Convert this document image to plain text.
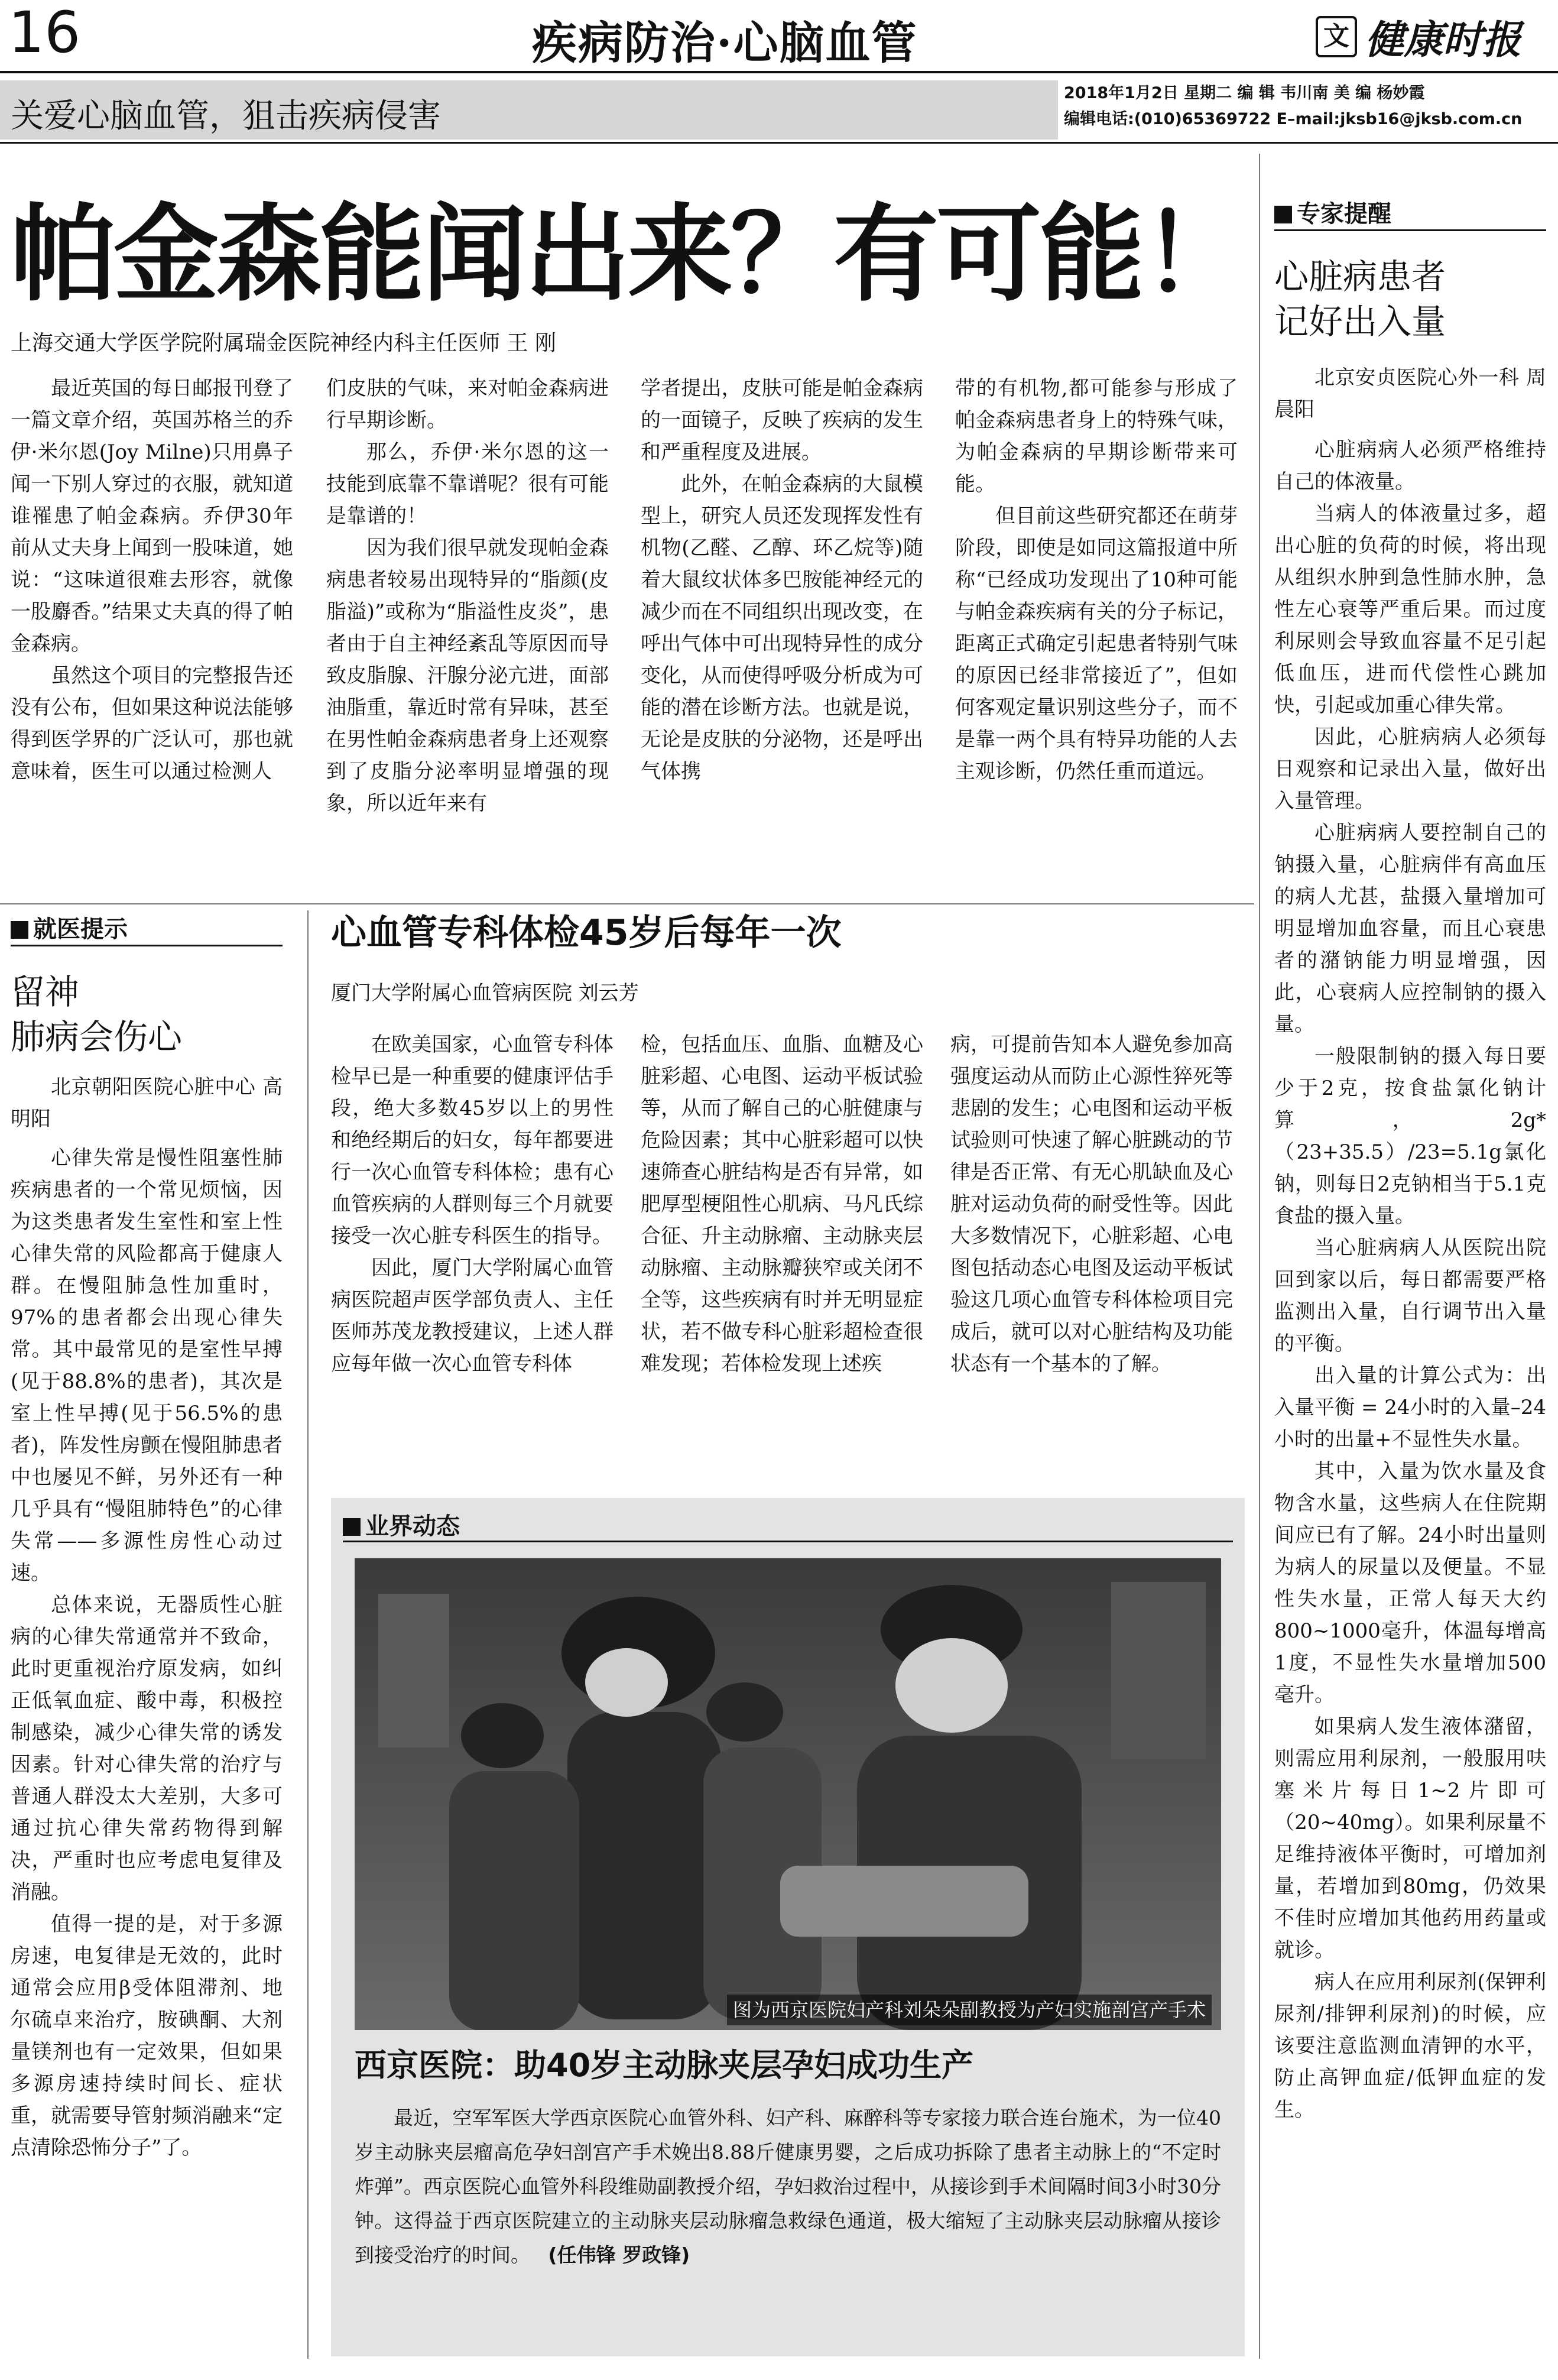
16	疾病防治·心脑血管	文 健康时报
关爱心脑血管，狙击疾病侵害
2018年1月2日 星期二 编 辑 韦川南 美 编 杨妙霞
编辑电话:(010)65369722 E–mail:jksb16@jksb.com.cn
帕金森能闻出来？有可能！
上海交通大学医学院附属瑞金医院神经内科主任医师 王 刚

最近英国的每日邮报刊登了一篇文章介绍，英国苏格兰的乔伊·米尔恩(Joy Milne)只用鼻子闻一下别人穿过的衣服，就知道谁罹患了帕金森病。乔伊30年前从丈夫身上闻到一股味道，她说：“这味道很难去形容，就像一股麝香。”结果丈夫真的得了帕金森病。

虽然这个项目的完整报告还没有公布，但如果这种说法能够得到医学界的广泛认可，那也就意味着，医生可以通过检测人

们皮肤的气味，来对帕金森病进行早期诊断。

那么，乔伊·米尔恩的这一技能到底靠不靠谱呢？很有可能是靠谱的！

因为我们很早就发现帕金森病患者较易出现特异的“脂颜(皮脂溢)”或称为“脂溢性皮炎”，患者由于自主神经紊乱等原因而导致皮脂腺、汗腺分泌亢进，面部油脂重，靠近时常有异味，甚至在男性帕金森病患者身上还观察到了皮脂分泌率明显增强的现象，所以近年来有

学者提出，皮肤可能是帕金森病的一面镜子，反映了疾病的发生和严重程度及进展。

此外，在帕金森病的大鼠模型上，研究人员还发现挥发性有机物(乙醛、乙醇、环乙烷等)随着大鼠纹状体多巴胺能神经元的减少而在不同组织出现改变，在呼出气体中可出现特异性的成分变化，从而使得呼吸分析成为可能的潜在诊断方法。也就是说，无论是皮肤的分泌物，还是呼出气体携

带的有机物,都可能参与形成了帕金森病患者身上的特殊气味，为帕金森病的早期诊断带来可能。

但目前这些研究都还在萌芽阶段，即使是如同这篇报道中所称“已经成功发现出了10种可能与帕金森疾病有关的分子标记，距离正式确定引起患者特别气味的原因已经非常接近了”，但如何客观定量识别这些分子，而不是靠一两个具有特异功能的人去主观诊断，仍然任重而道远。

专家提醒
心脏病患者
记好出入量

北京安贞医院心外一科 周晨阳

心脏病病人必须严格维持自己的体液量。

当病人的体液量过多，超出心脏的负荷的时候，将出现从组织水肿到急性肺水肿，急性左心衰等严重后果。而过度利尿则会导致血容量不足引起低血压，进而代偿性心跳加快，引起或加重心律失常。

因此，心脏病病人必须每日观察和记录出入量，做好出入量管理。

心脏病病人要控制自己的钠摄入量，心脏病伴有高血压的病人尤甚，盐摄入量增加可明显增加血容量，而且心衰患者的潴钠能力明显增强，因此，心衰病人应控制钠的摄入量。

一般限制钠的摄入每日要少于2克，按食盐氯化钠计算，2g*（23+35.5）/23=5.1g氯化钠，则每日2克钠相当于5.1克食盐的摄入量。

当心脏病病人从医院出院回到家以后，每日都需要严格监测出入量，自行调节出入量的平衡。

出入量的计算公式为：出入量平衡 = 24小时的入量–24小时的出量+不显性失水量。

其中，入量为饮水量及食物含水量，这些病人在住院期间应已有了解。24小时出量则为病人的尿量以及便量。不显性失水量，正常人每天大约800~1000毫升，体温每增高1度，不显性失水量增加500毫升。

如果病人发生液体潴留，则需应用利尿剂，一般服用呋塞米片每日1~2片即可（20~40mg）。如果利尿量不足维持液体平衡时，可增加剂量，若增加到80mg，仍效果不佳时应增加其他药用药量或就诊。

病人在应用利尿剂(保钾利尿剂/排钾利尿剂)的时候，应该要注意监测血清钾的水平，防止高钾血症/低钾血症的发生。

就医提示
留神
肺病会伤心

北京朝阳医院心脏中心 高明阳

心律失常是慢性阻塞性肺疾病患者的一个常见烦恼，因为这类患者发生室性和室上性心律失常的风险都高于健康人群。在慢阻肺急性加重时，97%的患者都会出现心律失常。其中最常见的是室性早搏(见于88.8%的患者)，其次是室上性早搏(见于56.5%的患者)，阵发性房颤在慢阻肺患者中也屡见不鲜，另外还有一种几乎具有“慢阻肺特色”的心律失常——多源性房性心动过速。

总体来说，无器质性心脏病的心律失常通常并不致命，此时更重视治疗原发病，如纠正低氧血症、酸中毒，积极控制感染，减少心律失常的诱发因素。针对心律失常的治疗与普通人群没太大差别，大多可通过抗心律失常药物得到解决，严重时也应考虑电复律及消融。

值得一提的是，对于多源房速，电复律是无效的，此时通常会应用β受体阻滞剂、地尔硫卓来治疗，胺碘酮、大剂量镁剂也有一定效果，但如果多源房速持续时间长、症状重，就需要导管射频消融来“定点清除恐怖分子”了。

心血管专科体检45岁后每年一次
厦门大学附属心血管病医院 刘云芳

在欧美国家，心血管专科体检早已是一种重要的健康评估手段，绝大多数45岁以上的男性和绝经期后的妇女，每年都要进行一次心血管专科体检；患有心血管疾病的人群则每三个月就要接受一次心脏专科医生的指导。

因此，厦门大学附属心血管病医院超声医学部负责人、主任医师苏茂龙教授建议，上述人群应每年做一次心血管专科体

检，包括血压、血脂、血糖及心脏彩超、心电图、运动平板试验等，从而了解自己的心脏健康与危险因素；其中心脏彩超可以快速筛查心脏结构是否有异常，如肥厚型梗阻性心肌病、马凡氏综合征、升主动脉瘤、主动脉夹层动脉瘤、主动脉瓣狭窄或关闭不全等，这些疾病有时并无明显症状，若不做专科心脏彩超检查很难发现；若体检发现上述疾

病，可提前告知本人避免参加高强度运动从而防止心源性猝死等悲剧的发生；心电图和运动平板试验则可快速了解心脏跳动的节律是否正常、有无心肌缺血及心脏对运动负荷的耐受性等。因此大多数情况下，心脏彩超、心电图包括动态心电图及运动平板试验这几项心血管专科体检项目完成后，就可以对心脏结构及功能状态有一个基本的了解。

业界动态
图为西京医院妇产科刘朵朵副教授为产妇实施剖宫产手术
西京医院：助40岁主动脉夹层孕妇成功生产

最近，空军军医大学西京医院心血管外科、妇产科、麻醉科等专家接力联合连台施术，为一位40岁主动脉夹层瘤高危孕妇剖宫产手术娩出8.88斤健康男婴，之后成功拆除了患者主动脉上的“不定时炸弹”。西京医院心血管外科段维勋副教授介绍，孕妇救治过程中，从接诊到手术间隔时间3小时30分钟。这得益于西京医院建立的主动脉夹层动脉瘤急救绿色通道，极大缩短了主动脉夹层动脉瘤从接诊到接受治疗的时间。 (任伟锋 罗政锋)
